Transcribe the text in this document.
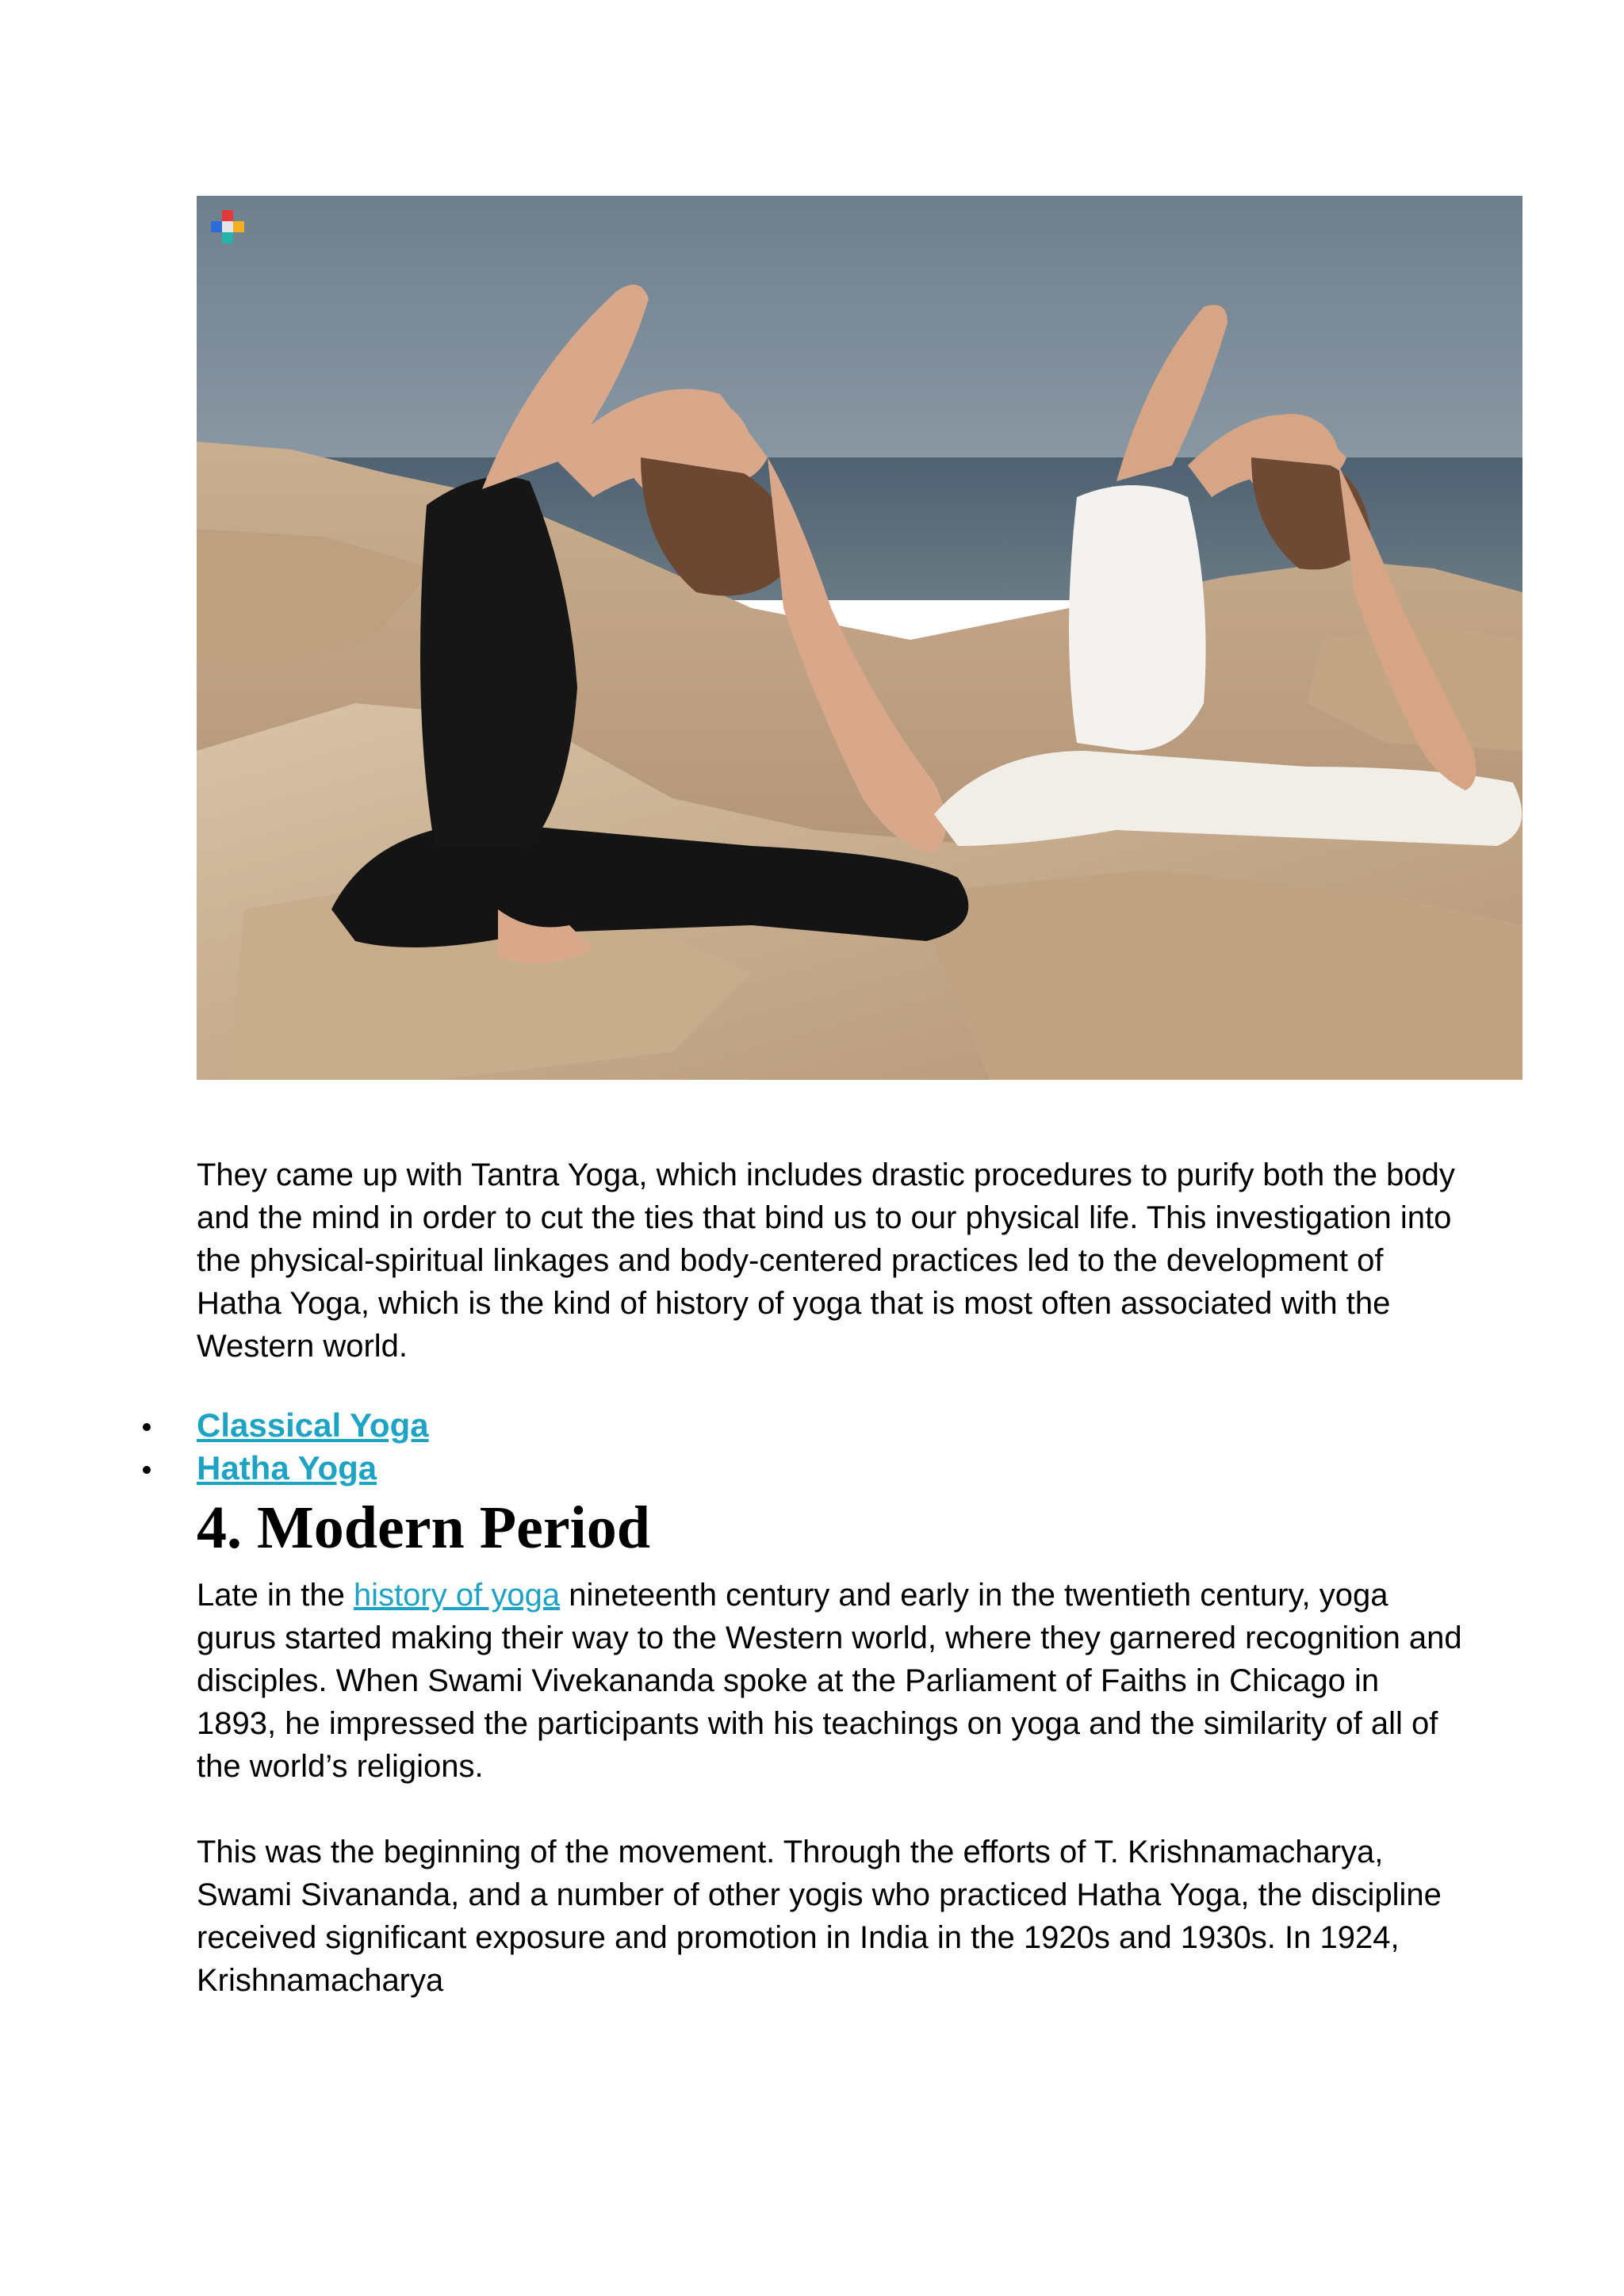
They came up with Tantra Yoga, which includes drastic procedures to purify both the body and the mind in order to cut the ties that bind us to our physical life. This investigation into the physical-spiritual linkages and body-centered practices led to the development of Hatha Yoga, which is the kind of history of yoga that is most often associated with the Western world.

Classical Yoga
Hatha Yoga
4. Modern Period

Late in the history of yoga nineteenth century and early in the twentieth century, yoga gurus started making their way to the Western world, where they garnered recognition and disciples. When Swami Vivekananda spoke at the Parliament of Faiths in Chicago in 1893, he impressed the participants with his teachings on yoga and the similarity of all of the world’s religions.

This was the beginning of the movement. Through the efforts of T. Krishnamacharya, Swami Sivananda, and a number of other yogis who practiced Hatha Yoga, the discipline received significant exposure and promotion in India in the 1920s and 1930s. In 1924, Krishnamacharya
